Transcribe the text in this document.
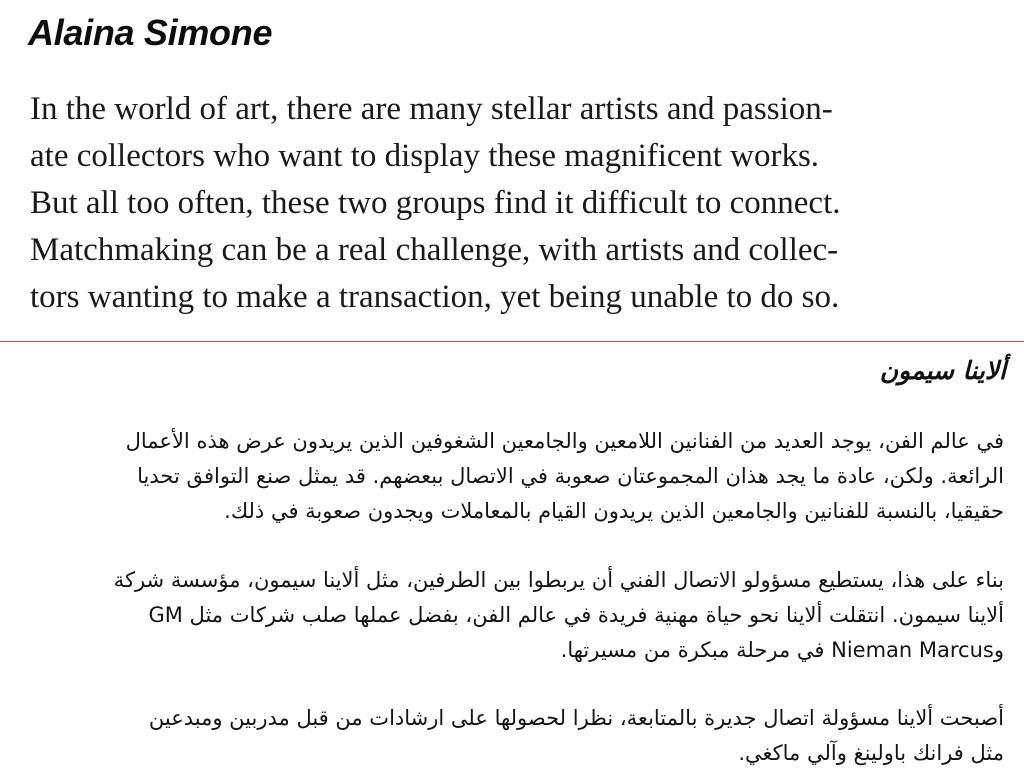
Alaina Simone

In the world of art, there are many stellar artists and passion-
ate collectors who want to display these magnificent works.
But all too often, these two groups find it difficult to connect.
Matchmaking can be a real challenge, with artists and collec-
tors wanting to make a transaction, yet being unable to do so.

ألاينا سيمون

في عالم الفن، يوجد العديد من الفنانين اللامعين والجامعين الشغوفين الذين يريدون عرض هذه الأعمال
الرائعة. ولكن، عادة ما يجد هذان المجموعتان صعوبة في الاتصال ببعضهم. قد يمثل صنع التوافق تحديا
حقيقيا، بالنسبة للفنانين والجامعين الذين يريدون القيام بالمعاملات ويجدون صعوبة في ذلك.

بناء على هذا، يستطيع مسؤولو الاتصال الفني أن يربطوا بين الطرفين، مثل ألاينا سيمون، مؤسسة شركة
ألاينا سيمون. انتقلت ألاينا نحو حياة مهنية فريدة في عالم الفن، بفضل عملها صلب شركات مثل GM
وNieman Marcus في مرحلة مبكرة من مسيرتها.

أصبحت ألاينا مسؤولة اتصال جديرة بالمتابعة، نظرا لحصولها على ارشادات من قبل مدربين ومبدعين
مثل فرانك باولينغ وآلي ماكغي.
